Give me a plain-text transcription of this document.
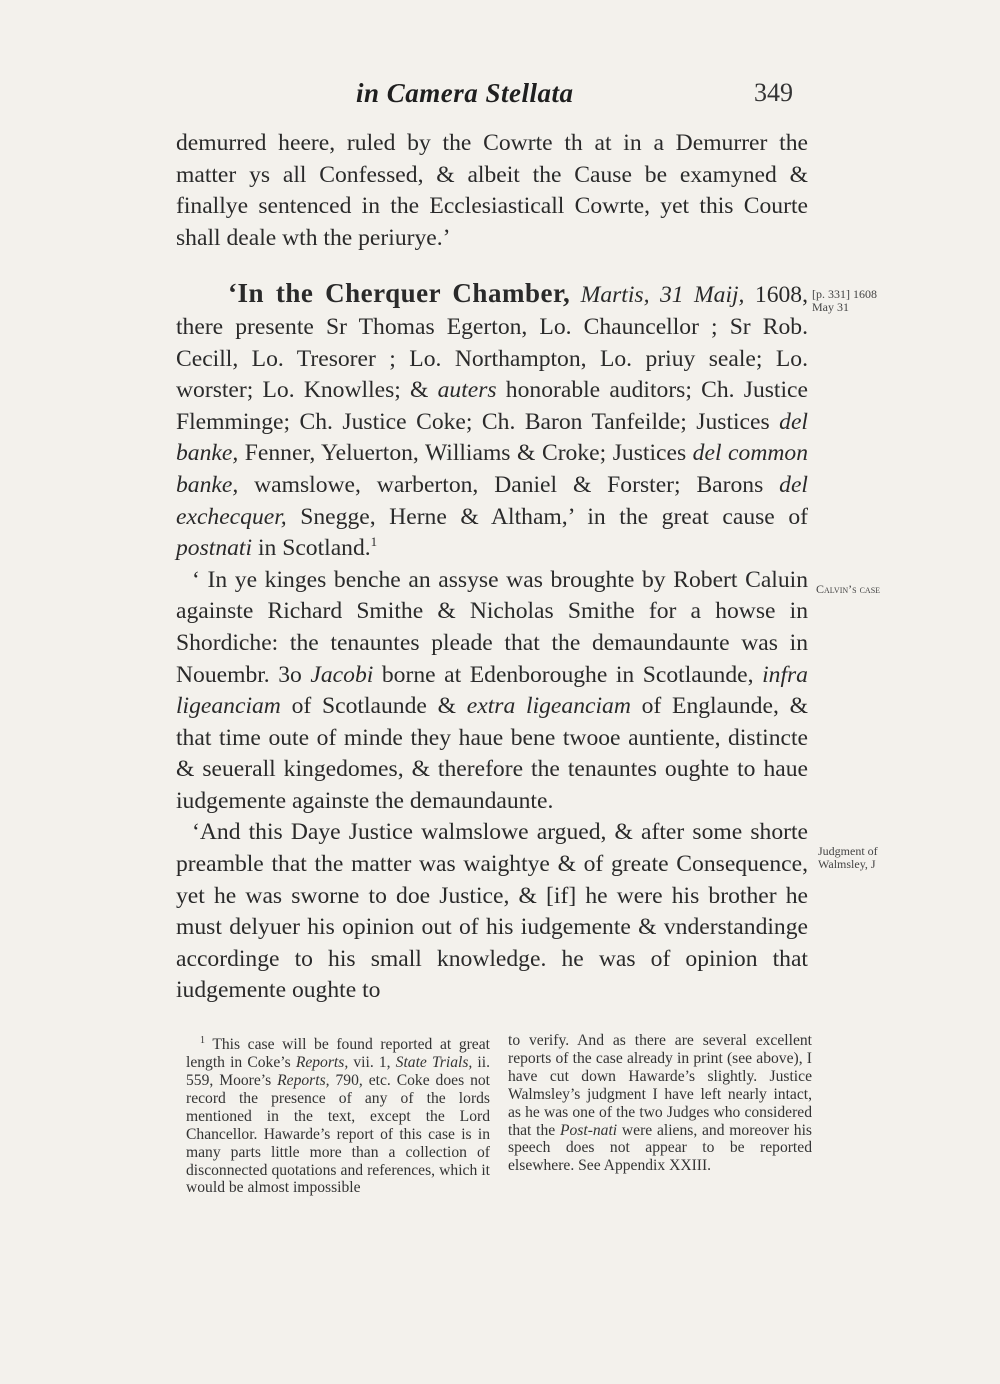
in Camera Stellata	349

demurred heere, ruled by the Cowrte th at in a Demurrer the matter ys all Confessed, & albeit the Cause be examyned & finallye sentenced in the Ecclesiasticall Cowrte, yet this Courte shall deale wth the periurye.’

‘In the Cherquer Chamber, Martis, 31 Maij, 1608, there presente Sr Thomas Egerton, Lo. Chauncellor ; Sr Rob. Cecill, Lo. Tresorer ; Lo. Northampton, Lo. priuy seale; Lo. worster; Lo. Knowlles; & auters honorable auditors; Ch. Justice Flemminge; Ch. Justice Coke; Ch. Baron Tanfeilde; Justices del banke, Fenner, Yeluerton, Williams & Croke; Justices del common banke, wamslowe, warberton, Daniel & Forster; Barons del exchecquer, Snegge, Herne & Altham,’ in the great cause of postnati in Scotland.$^1$

‘ In ye kinges benche an assyse was broughte by Robert Caluin againste Richard Smithe & Nicholas Smithe for a howse in Shordiche: the tenauntes pleade that the demaundaunte was in Nouembr. 3o Jacobi borne at Edenboroughe in Scotlaunde, infra ligeanciam of Scotlaunde & extra ligeanciam of Englaunde, & that time oute of minde they haue bene twooe auntiente, distincte & seuerall kingedomes, & therefore the tenauntes oughte to haue iudgemente againste the demaundaunte.

‘And this Daye Justice walmslowe argued, & after some shorte preamble that the matter was waightye & of greate Consequence, yet he was sworne to doe Justice, & [if] he were his brother he must delyuer his opinion out of his iudgemente & vnderstandinge accordinge to his small knowledge. he was of opinion that iudgemente oughte to

[p. 331] 1608 May 31
Calvin’s case
Judgment of Walmsley, J
$^1$ This case will be found reported at great length in Coke’s Reports, vii. 1, State Trials, ii. 559, Moore’s Reports, 790, etc. Coke does not record the presence of any of the lords mentioned in the text, except the Lord Chancellor. Hawarde’s report of this case is in many parts little more than a collection of disconnected quotations and references, which it would be almost impossible
to verify. And as there are several excellent reports of the case already in print (see above), I have cut down Hawarde’s slightly. Justice Walmsley’s judgment I have left nearly intact, as he was one of the two Judges who considered that the Post-nati were aliens, and moreover his speech does not appear to be reported elsewhere. See Appendix XXIII.
